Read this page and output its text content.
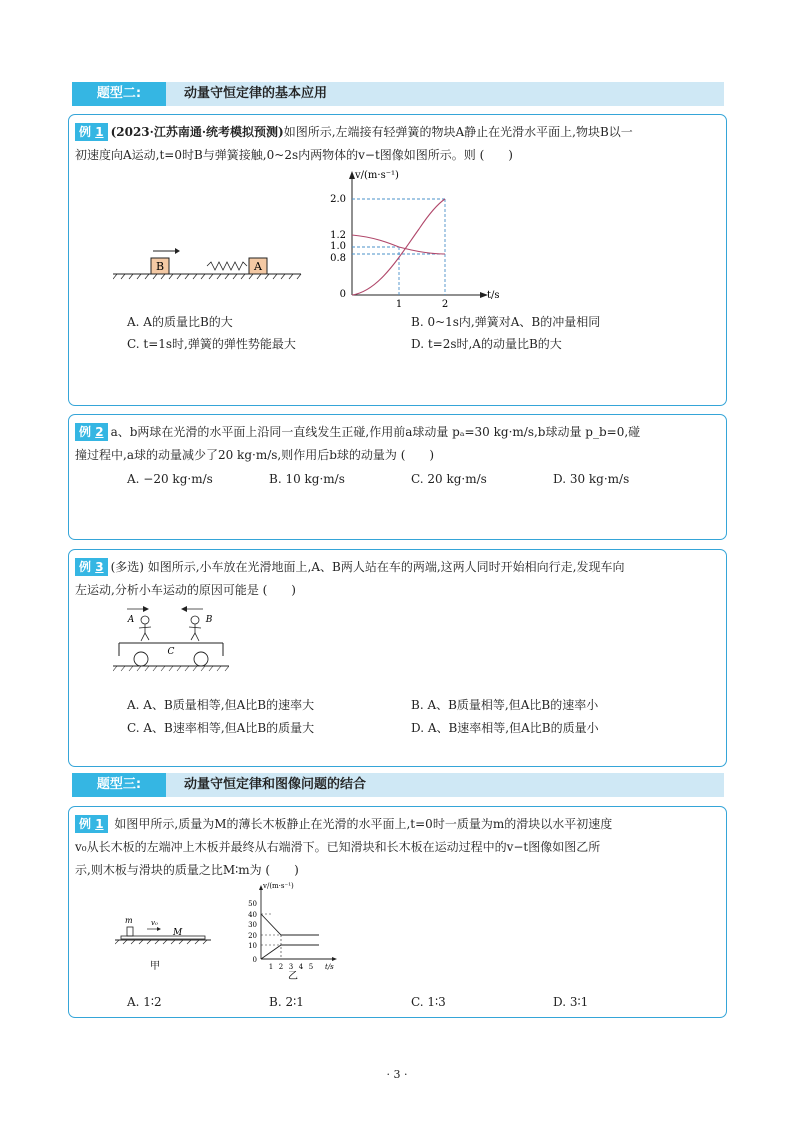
题型二:	动量守恒定律的基本应用
例 1 (2023·江苏南通·统考模拟预测)如图所示,左端接有轻弹簧的物块A静止在光滑水平面上,物块B以一
初速度向A运动,t=0时B与弹簧接触,0~2s内两物体的v−t图像如图所示。则 (　　)
B	A
v/(m·s⁻¹)
t/s
2.0
1.2
1.0
0.8
0
1	2
A. A的质量比B的大	B. 0~1s内,弹簧对A、B的冲量相同
C. t=1s时,弹簧的弹性势能最大	D. t=2s时,A的动量比B的大
例 2 a、b两球在光滑的水平面上沿同一直线发生正碰,作用前a球动量 pₐ=30 kg·m/s,b球动量 p_b=0,碰
撞过程中,a球的动量减少了20 kg·m/s,则作用后b球的动量为 (　　)
A. −20 kg·m/s	B. 10 kg·m/s	C. 20 kg·m/s	D. 30 kg·m/s
例 3 (多选) 如图所示,小车放在光滑地面上,A、B两人站在车的两端,这两人同时开始相向行走,发现车向
左运动,分析小车运动的原因可能是 (　　)
A	B
C
A. A、B质量相等,但A比B的速率大	B. A、B质量相等,但A比B的速率小
C. A、B速率相等,但A比B的质量大	D. A、B速率相等,但A比B的质量小
题型三:	动量守恒定律和图像问题的结合
例 1 如图甲所示,质量为M的薄长木板静止在光滑的水平面上,t=0时一质量为m的滑块以水平初速度
v₀从长木板的左端冲上木板并最终从右端滑下。已知滑块和长木板在运动过程中的v−t图像如图乙所
示,则木板与滑块的质量之比M∶m为 (　　)
m	v₀
M
甲
v/(m·s⁻¹)
t/s
50
40
30
20
10
0
1 2 3 4 5
乙
A. 1∶2	B. 2∶1	C. 1∶3	D. 3∶1
· 3 ·
